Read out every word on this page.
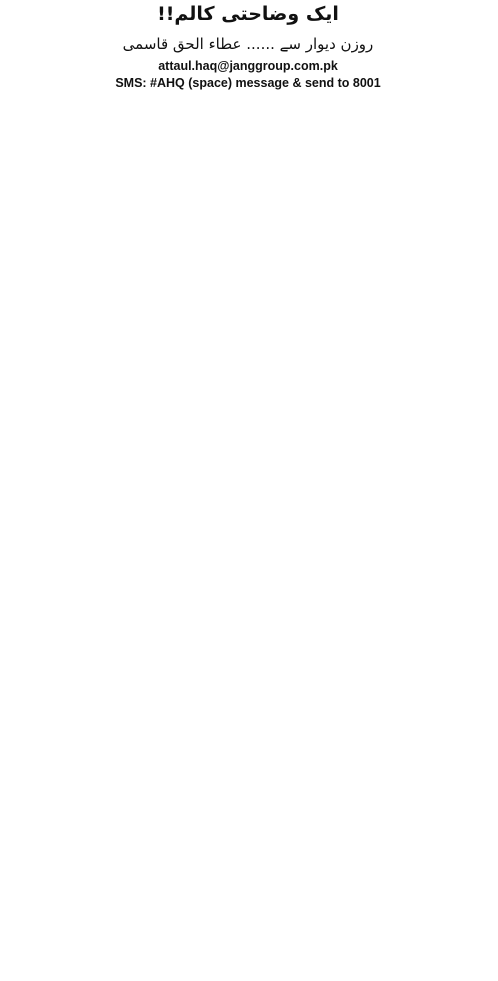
ایک وضاحتی کالم!!
روزن دیوار سے ...... عطاء الحق قاسمی
attaul.haq@janggroup.com.pk
SMS: #AHQ (space) message & send to 8001
